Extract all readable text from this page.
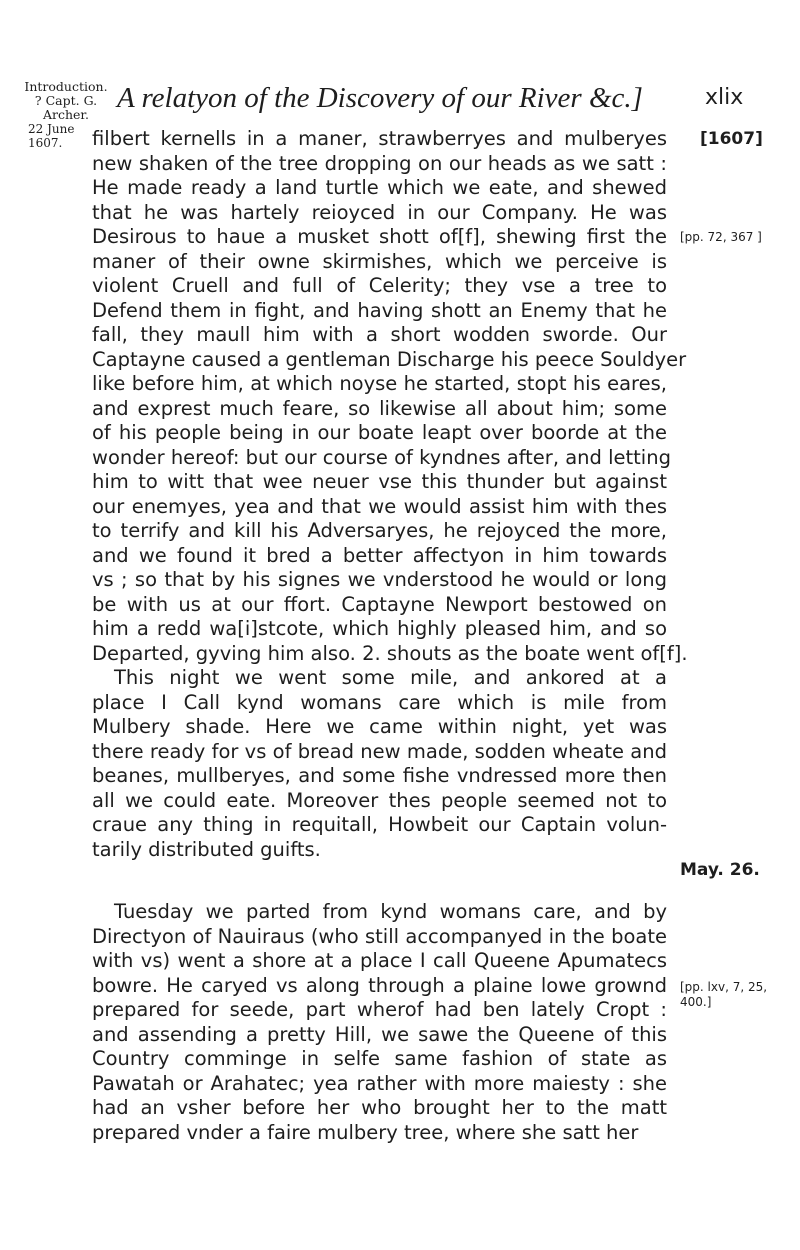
Introduction.
? Capt. G. Archer.
22 June 1607.
A relatyon of the Discovery of our River &c.]	xlix
filbert kernells in a maner, strawberryes and mulberyes
new shaken of the tree dropping on our heads as we satt :
He made ready a land turtle which we eate, and shewed
that he was hartely reioyced in our Company. He was
Desirous to haue a musket shott of[f], shewing first the
maner of their owne skirmishes, which we perceive is
violent Cruell and full of Celerity; they vse a tree to
Defend them in fight, and having shott an Enemy that he
fall, they maull him with a short wodden sworde. Our
Captayne caused a gentleman Discharge his peece Souldyer
like before him, at which noyse he started, stopt his eares,
and exprest much feare, so likewise all about him; some
of his people being in our boate leapt over boorde at the
wonder hereof: but our course of kyndnes after, and letting
him to witt that wee neuer vse this thunder but against
our enemyes, yea and that we would assist him with thes
to terrify and kill his Adversaryes, he rejoyced the more,
and we found it bred a better affectyon in him towards
vs ; so that by his signes we vnderstood he would or long
be with us at our ffort. Captayne Newport bestowed on
him a redd wa[i]stcote, which highly pleased him, and so
Departed, gyving him also. 2. shouts as the boate went of[f].
This night we went some mile, and ankored at a
place I Call kynd womans care which is mile from
Mulbery shade. Here we came within night, yet was
there ready for vs of bread new made, sodden wheate and
beanes, mullberyes, and some fishe vndressed more then
all we could eate. Moreover thes people seemed not to
craue any thing in requitall, Howbeit our Captain volun-
tarily distributed guifts.
Tuesday we parted from kynd womans care, and by
Directyon of Nauiraus (who still accompanyed in the boate
with vs) went a shore at a place I call Queene Apumatecs
bowre. He caryed vs along through a plaine lowe grownd
prepared for seede, part wherof had ben lately Cropt :
and assending a pretty Hill, we sawe the Queene of this
Country comminge in selfe same fashion of state as
Pawatah or Arahatec; yea rather with more maiesty : she
had an vsher before her who brought her to the matt
prepared vnder a faire mulbery tree, where she satt her
[1607]
[pp. 72, 367 ]
May. 26.
[pp. lxv, 7, 25, 400.]
